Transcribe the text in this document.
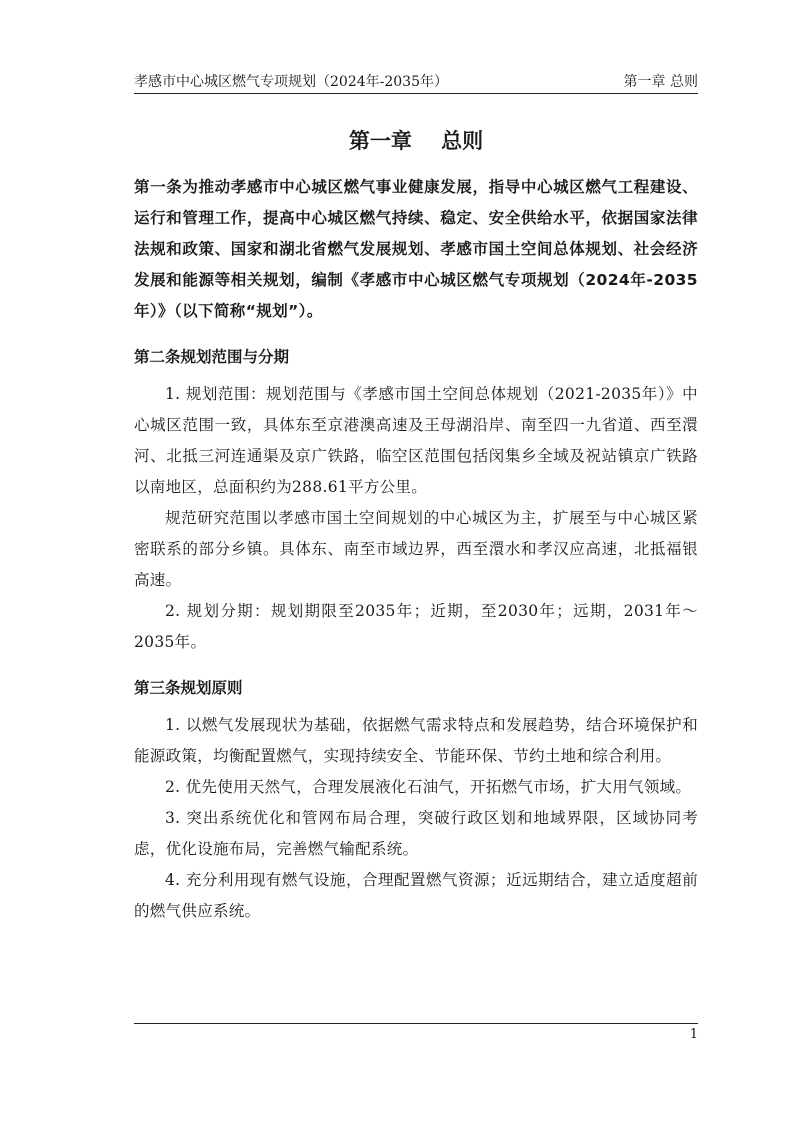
孝感市中心城区燃气专项规划（2024年-2035年）	第一章 总则
第一章    总则

第一条为推动孝感市中心城区燃气事业健康发展，指导中心城区燃气工程建设、运行和管理工作，提高中心城区燃气持续、稳定、安全供给水平，依据国家法律法规和政策、国家和湖北省燃气发展规划、孝感市国土空间总体规划、社会经济发展和能源等相关规划，编制《孝感市中心城区燃气专项规划（2024年-2035年）》（以下简称“规划”）。

第二条规划范围与分期

1. 规划范围：规划范围与《孝感市国土空间总体规划（2021-2035年）》中心城区范围一致，具体东至京港澳高速及王母湖沿岸、南至四一九省道、西至澴河、北抵三河连通渠及京广铁路，临空区范围包括闵集乡全域及祝站镇京广铁路以南地区，总面积约为288.61平方公里。

规范研究范围以孝感市国土空间规划的中心城区为主，扩展至与中心城区紧密联系的部分乡镇。具体东、南至市域边界，西至澴水和孝汉应高速，北抵福银高速。

2. 规划分期：规划期限至2035年；近期，至2030年；远期，2031年～2035年。

第三条规划原则

1. 以燃气发展现状为基础，依据燃气需求特点和发展趋势，结合环境保护和能源政策，均衡配置燃气，实现持续安全、节能环保、节约土地和综合利用。

2. 优先使用天然气，合理发展液化石油气，开拓燃气市场，扩大用气领域。

3. 突出系统优化和管网布局合理，突破行政区划和地域界限，区域协同考虑，优化设施布局，完善燃气输配系统。

4. 充分利用现有燃气设施，合理配置燃气资源；近远期结合，建立适度超前的燃气供应系统。

1
